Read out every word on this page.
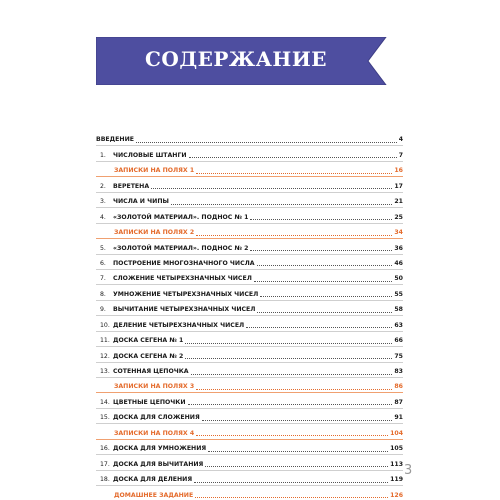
СОДЕРЖАНИЕ
ВВЕДЕНИЕ	4
1.	ЧИСЛОВЫЕ ШТАНГИ	7
ЗАПИСКИ НА ПОЛЯХ 1	16
2.	ВЕРЕТЕНА	17
3.	ЧИСЛА И ЧИПЫ	21
4.	«ЗОЛОТОЙ МАТЕРИАЛ». ПОДНОС № 1	25
ЗАПИСКИ НА ПОЛЯХ 2	34
5.	«ЗОЛОТОЙ МАТЕРИАЛ». ПОДНОС № 2	36
6.	ПОСТРОЕНИЕ МНОГОЗНАЧНОГО ЧИСЛА	46
7.	СЛОЖЕНИЕ ЧЕТЫРЕХЗНАЧНЫХ ЧИСЕЛ	50
8.	УМНОЖЕНИЕ ЧЕТЫРЕХЗНАЧНЫХ ЧИСЕЛ	55
9.	ВЫЧИТАНИЕ ЧЕТЫРЕХЗНАЧНЫХ ЧИСЕЛ	58
10. ДЕЛЕНИЕ ЧЕТЫРЕХЗНАЧНЫХ ЧИСЕЛ	63
11. ДОСКА СЕГЕНА № 1	66
12. ДОСКА СЕГЕНА № 2	75
13. СОТЕННАЯ ЦЕПОЧКА	83
ЗАПИСКИ НА ПОЛЯХ 3	86
14. ЦВЕТНЫЕ ЦЕПОЧКИ	87
15. ДОСКА ДЛЯ СЛОЖЕНИЯ	91
ЗАПИСКИ НА ПОЛЯХ 4	104
16. ДОСКА ДЛЯ УМНОЖЕНИЯ	105
17. ДОСКА ДЛЯ ВЫЧИТАНИЯ	113
18. ДОСКА ДЛЯ ДЕЛЕНИЯ	119
ДОМАШНЕЕ ЗАДАНИЕ	126
3
